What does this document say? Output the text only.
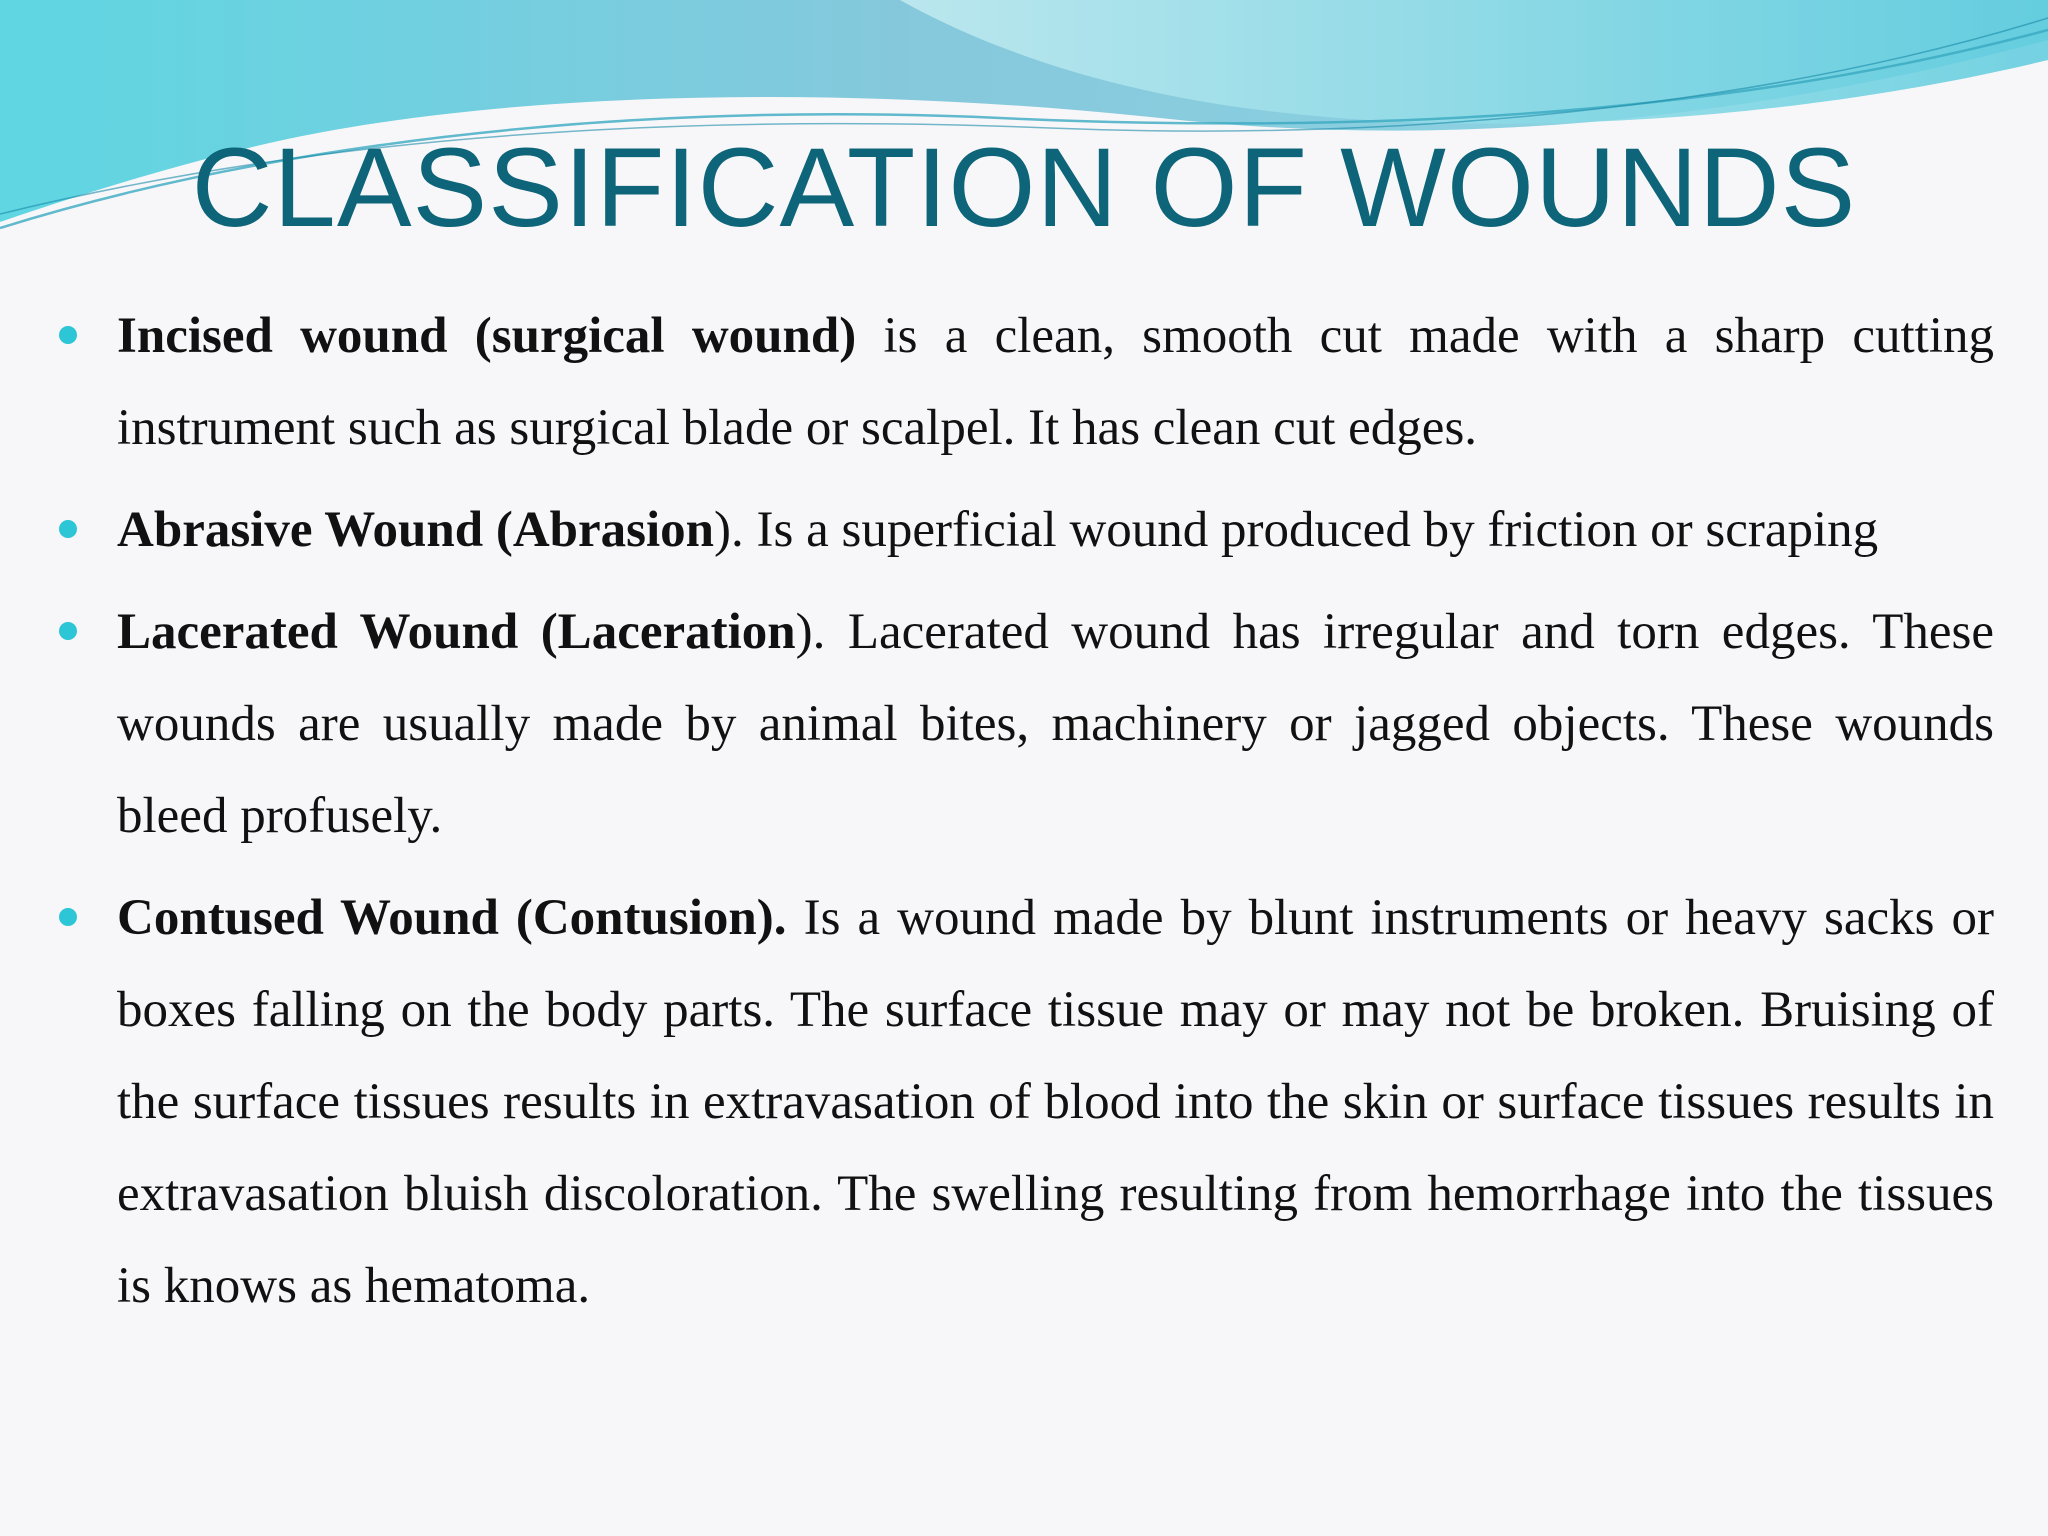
CLASSIFICATION OF WOUNDS

Incised wound (surgical wound) is a clean, smooth cut made with a sharp cutting instrument such as surgical blade or scalpel. It has clean cut edges.

Abrasive Wound (Abrasion). Is a superficial wound produced by friction or scraping

Lacerated Wound (Laceration). Lacerated wound has irregular and torn edges. These wounds are usually made by animal bites, machinery or jagged objects. These wounds bleed profusely.

Contused Wound (Contusion). Is a wound made by blunt instruments or heavy sacks or boxes falling on the body parts. The surface tissue may or may not be broken. Bruising of the surface tissues results in extravasation of blood into the skin or surface tissues results in extravasation bluish discoloration. The swelling resulting from hemorrhage into the tissues is knows as hematoma.
